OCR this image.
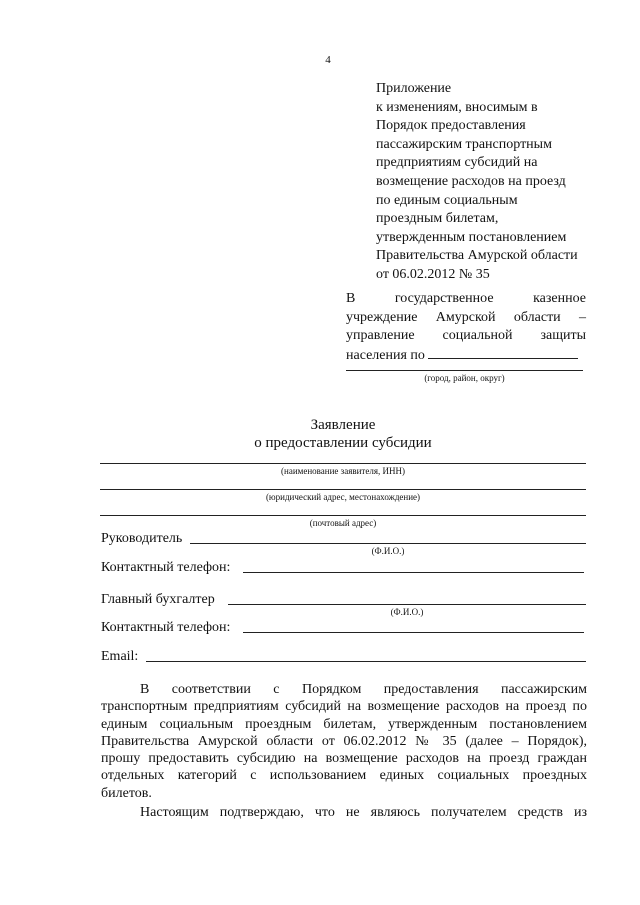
4
Приложение
к изменениям, вносимым в
Порядок предоставления
пассажирским транспортным
предприятиям субсидий на
возмещение расходов на проезд
по единым социальным
проездным билетам,
утвержденным постановлением
Правительства Амурской области
от 06.02.2012 № 35
В государственное казенное
учреждение Амурской области –
управление социальной защиты
населения по
(город, район, округ)
Заявление
о предоставлении субсидии
(наименование заявителя, ИНН)
(юридический адрес, местонахождение)
(почтовый адрес)
Руководитель
(Ф.И.О.)
Контактный телефон:
Главный бухгалтер
(Ф.И.О.)
Контактный телефон:
Email:
В соответствии с Порядком предоставления пассажирским
транспортным предприятиям субсидий на возмещение расходов на проезд по
единым социальным проездным билетам, утвержденным постановлением
Правительства Амурской области от 06.02.2012 № 35 (далее – Порядок),
прошу предоставить субсидию на возмещение расходов на проезд граждан
отдельных категорий с использованием единых социальных проездных
билетов.
Настоящим подтверждаю, что не являюсь получателем средств из
